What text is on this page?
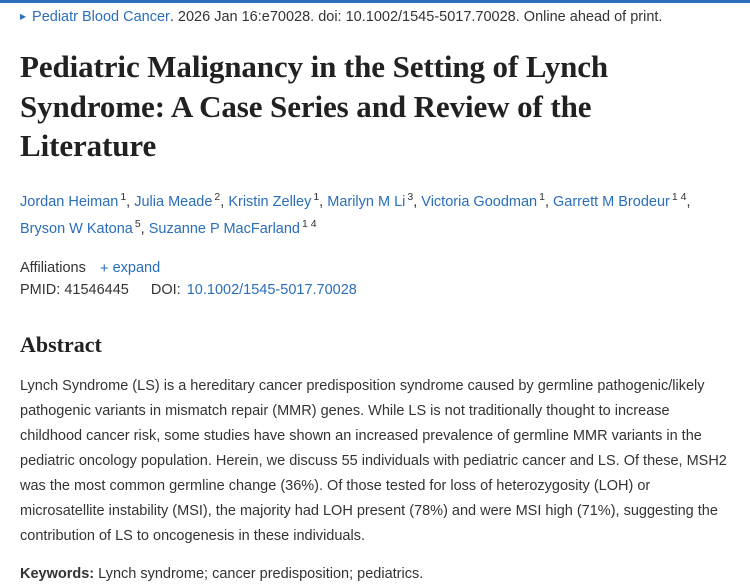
▸ Pediatr Blood Cancer . 2026 Jan 16:e70028. doi: 10.1002/1545-5017.70028. Online ahead of print.
Pediatric Malignancy in the Setting of Lynch Syndrome: A Case Series and Review of the Literature
Jordan Heiman $^1$, Julia Meade $^2$, Kristin Zelley $^1$, Marilyn M Li $^3$, Victoria Goodman $^1$, Garrett M Brodeur $^{1 4}$, Bryson W Katona $^5$, Suzanne P MacFarland $^{1 4}$
Affiliations + expand
PMID: 41546445 DOI: 10.1002/1545-5017.70028
Abstract

Lynch Syndrome (LS) is a hereditary cancer predisposition syndrome caused by germline pathogenic/likely pathogenic variants in mismatch repair (MMR) genes. While LS is not traditionally thought to increase childhood cancer risk, some studies have shown an increased prevalence of germline MMR variants in the pediatric oncology population. Herein, we discuss 55 individuals with pediatric cancer and LS. Of these, MSH2 was the most common germline change (36%). Of those tested for loss of heterozygosity (LOH) or microsatellite instability (MSI), the majority had LOH present (78%) and were MSI high (71%), suggesting the contribution of LS to oncogenesis in these individuals.

Keywords: Lynch syndrome; cancer predisposition; pediatrics.
